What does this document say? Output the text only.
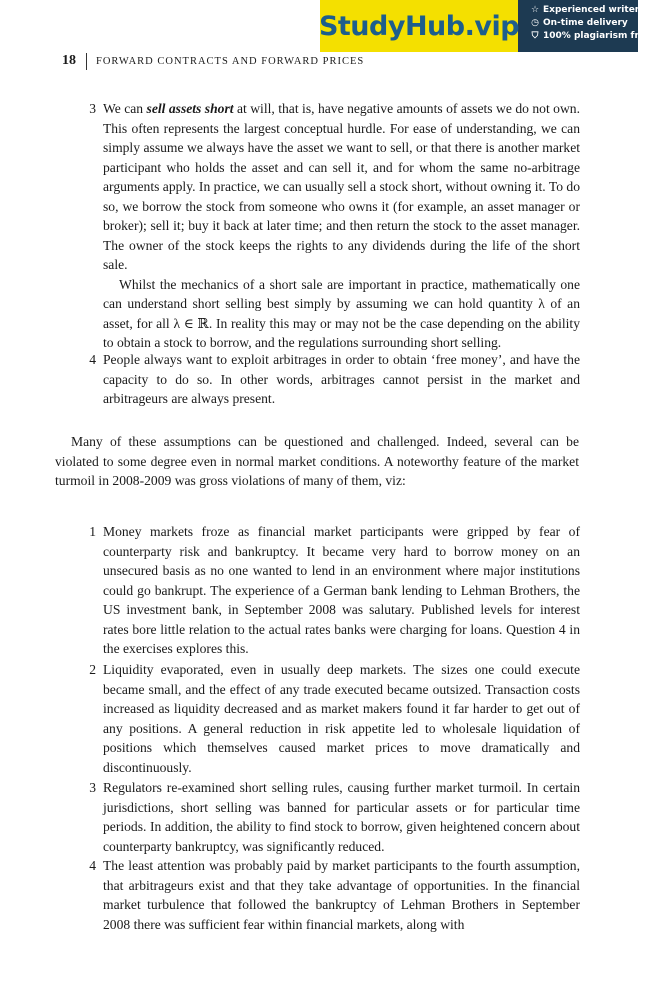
StudyHub.vip
☆ Experienced writers
◷ On-time delivery
⛉ 100% plagiarism free
18 FORWARD CONTRACTS AND FORWARD PRICES
3 We can sell assets short at will, that is, have negative amounts of assets we do not own. This often represents the largest conceptual hurdle. For ease of understanding, we can simply assume we always have the asset we want to sell, or that there is another market participant who holds the asset and can sell it, and for whom the same no-arbitrage arguments apply. In practice, we can usually sell a stock short, without owning it. To do so, we borrow the stock from someone who owns it (for example, an asset manager or broker); sell it; buy it back at later time; and then return the stock to the asset manager. The owner of the stock keeps the rights to any dividends during the life of the short sale.
Whilst the mechanics of a short sale are important in practice, mathematically one can understand short selling best simply by assuming we can hold quantity λ of an asset, for all λ ∈ ℝ. In reality this may or may not be the case depending on the ability to obtain a stock to borrow, and the regulations surrounding short selling.
4 People always want to exploit arbitrages in order to obtain ‘free money’, and have the capacity to do so. In other words, arbitrages cannot persist in the market and arbitrageurs are always present.
Many of these assumptions can be questioned and challenged. Indeed, several can be violated to some degree even in normal market conditions. A noteworthy feature of the market turmoil in 2008-2009 was gross violations of many of them, viz:
1 Money markets froze as financial market participants were gripped by fear of counterparty risk and bankruptcy. It became very hard to borrow money on an unsecured basis as no one wanted to lend in an environment where major institutions could go bankrupt. The experience of a German bank lending to Lehman Brothers, the US investment bank, in September 2008 was salutary. Published levels for interest rates bore little relation to the actual rates banks were charging for loans. Question 4 in the exercises explores this.
2 Liquidity evaporated, even in usually deep markets. The sizes one could execute became small, and the effect of any trade executed became outsized. Transaction costs increased as liquidity decreased and as market makers found it far harder to get out of any positions. A general reduction in risk appetite led to wholesale liquidation of positions which themselves caused market prices to move dramatically and discontinuously.
3 Regulators re-examined short selling rules, causing further market turmoil. In certain jurisdictions, short selling was banned for particular assets or for particular time periods. In addition, the ability to find stock to borrow, given heightened concern about counterparty bankruptcy, was significantly reduced.
4 The least attention was probably paid by market participants to the fourth assumption, that arbitrageurs exist and that they take advantage of opportunities. In the financial market turbulence that followed the bankruptcy of Lehman Brothers in September 2008 there was sufficient fear within financial markets, along with
